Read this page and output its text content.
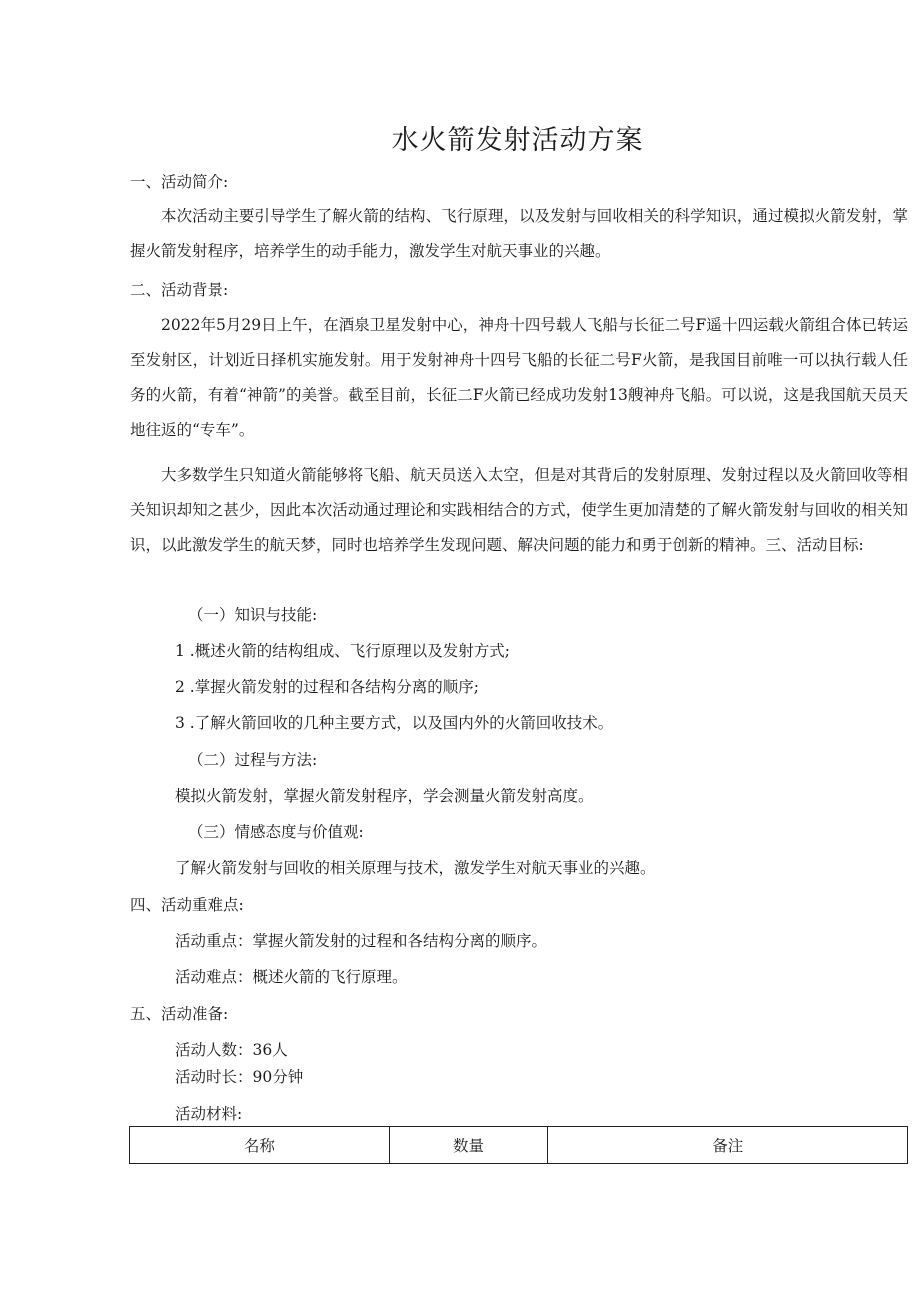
水火箭发射活动方案
一、活动简介:
本次活动主要引导学生了解火箭的结构、飞行原理，以及发射与回收相关的科学知识，通过模拟火箭发射，掌握火箭发射程序，培养学生的动手能力，激发学生对航天事业的兴趣。
二、活动背景:
2022年5月29日上午，在酒泉卫星发射中心，神舟十四号载人飞船与长征二号F遥十四运载火箭组合体已转运至发射区，计划近日择机实施发射。用于发射神舟十四号飞船的长征二号F火箭，是我国目前唯一可以执行载人任务的火箭，有着“神箭”的美誉。截至目前，长征二F火箭已经成功发射13艘神舟飞船。可以说，这是我国航天员天地往返的“专车”。
大多数学生只知道火箭能够将飞船、航天员送入太空，但是对其背后的发射原理、发射过程以及火箭回收等相关知识却知之甚少，因此本次活动通过理论和实践相结合的方式，使学生更加清楚的了解火箭发射与回收的相关知识，以此激发学生的航天梦，同时也培养学生发现问题、解决问题的能力和勇于创新的精神。三、活动目标:
（一）知识与技能:
1 .概述火箭的结构组成、飞行原理以及发射方式;
2 .掌握火箭发射的过程和各结构分离的顺序;
3 .了解火箭回收的几种主要方式，以及国内外的火箭回收技术。
（二）过程与方法:
模拟火箭发射，掌握火箭发射程序，学会测量火箭发射高度。
（三）情感态度与价值观:
了解火箭发射与回收的相关原理与技术，激发学生对航天事业的兴趣。
四、活动重难点:
活动重点：掌握火箭发射的过程和各结构分离的顺序。
活动难点：概述火箭的飞行原理。
五、活动准备:
活动人数：36人
活动时长：90分钟
活动材料:
名称	数量	备注
